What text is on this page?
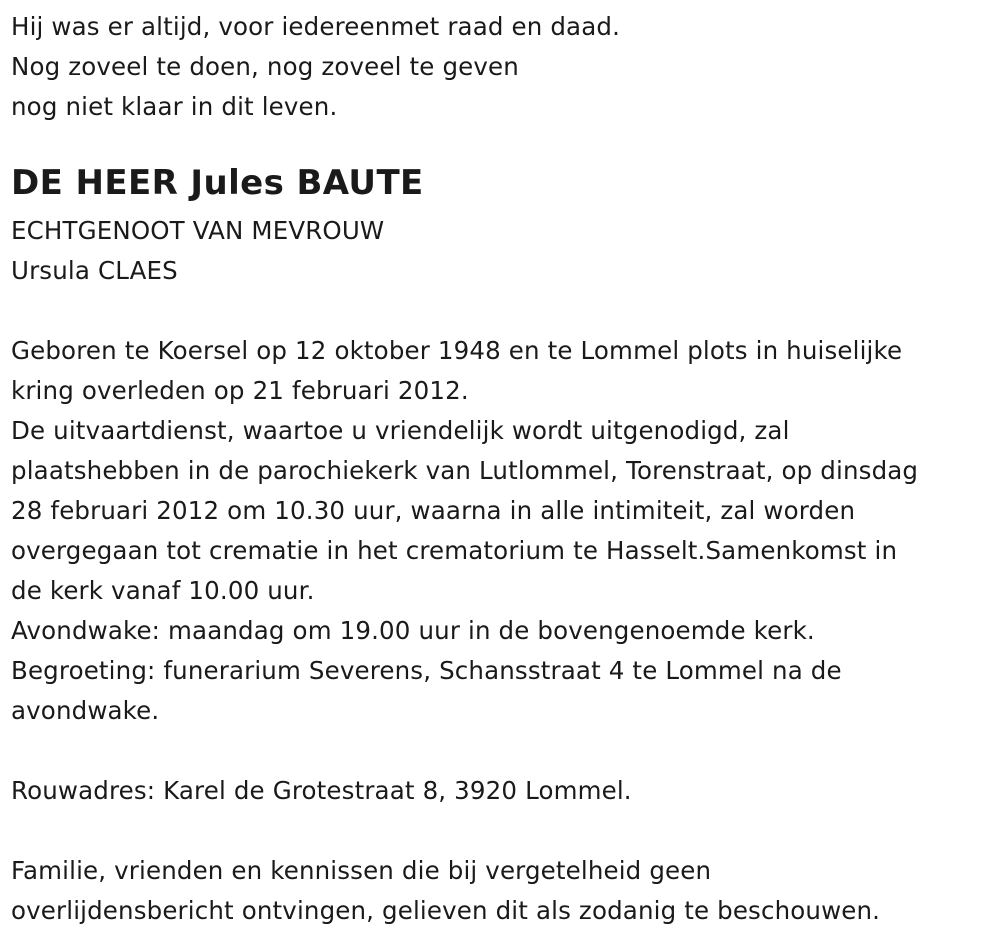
Hij was er altijd, voor iedereenmet raad en daad.
Nog zoveel te doen, nog zoveel te geven
nog niet klaar in dit leven.
DE HEER Jules BAUTE
ECHTGENOOT VAN MEVROUW
Ursula CLAES
Geboren te Koersel op 12 oktober 1948 en te Lommel plots in huiselijke
kring overleden op 21 februari 2012.
De uitvaartdienst, waartoe u vriendelijk wordt uitgenodigd, zal
plaatshebben in de parochiekerk van Lutlommel, Torenstraat, op dinsdag
28 februari 2012 om 10.30 uur, waarna in alle intimiteit, zal worden
overgegaan tot crematie in het crematorium te Hasselt.Samenkomst in
de kerk vanaf 10.00 uur.
Avondwake: maandag om 19.00 uur in de bovengenoemde kerk.
Begroeting: funerarium Severens, Schansstraat 4 te Lommel na de
avondwake.
Rouwadres: Karel de Grotestraat 8, 3920 Lommel.
Familie, vrienden en kennissen die bij vergetelheid geen
overlijdensbericht ontvingen, gelieven dit als zodanig te beschouwen.
